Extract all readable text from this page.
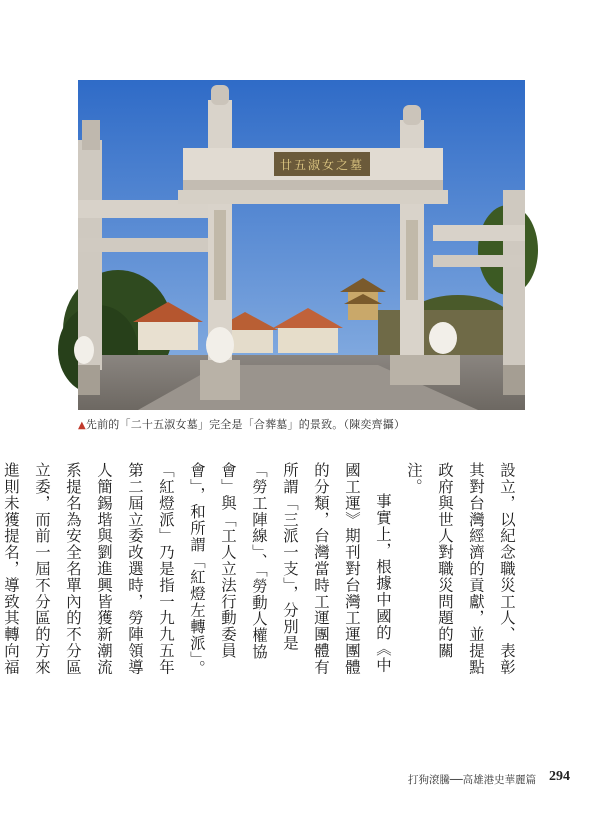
廿五淑女之墓
▲先前的「二十五淑女墓」完全是「合葬墓」的景致。（陳奕齊攝）

設立，以紀念職災工人、表彰其對台灣經濟的貢獻，並提點政府與世人對職災問題的關注。

事實上，根據中國的《中國工運》期刊對台灣工運團體的分類，台灣當時工運團體有所謂「三派一支」，分別是「勞工陣線」、「勞動人權協會」與「工人立法行動委員會」，和所謂「紅燈左轉派」。「紅燈派」乃是指一九九五年第二屆立委改選時，勞陣領導人簡錫堦與劉進興皆獲新潮流系提名為安全名單內的不分區立委，而前一屆不分區的方來進則未獲提名，導致其轉向福

打狗滾騰──高雄港史華麗篇 294
